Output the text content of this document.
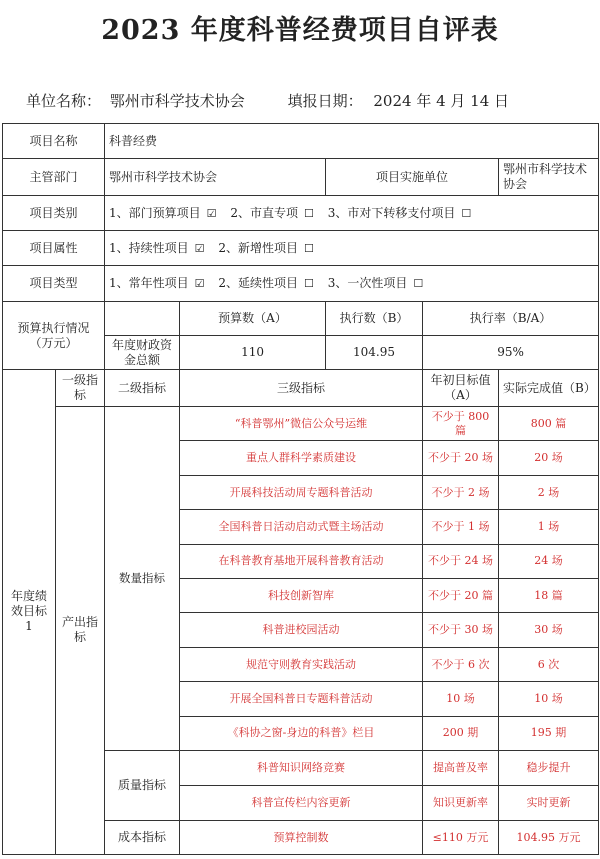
2023 年度科普经费项目自评表
单位名称： 鄂州市科学技术协会	填报日期： 2024 年 4 月 14 日
项目名称		科普经费				
主管部门		鄂州市科学技术协会		项目实施单位		鄂州市科学技术协会
项目类别		1、部门预算项目 ☑ 2、市直专项 ☐ 3、市对下转移支付项目 ☐				
项目属性		1、持续性项目 ☑ 2、新增性项目 ☐				
项目类型		1、常年性项目 ☑ 2、延续性项目 ☐ 3、一次性项目 ☐				
预算执行情况（万元）			预算数（A）	执行数（B）	执行率（B/A）	
		年度财政资金总额	110	104.95	95%	
年度绩效目标 1	一级指标	二级指标	三级指标		年初目标值（A）	实际完成值（B）
	产出指标	数量指标	“科普鄂州”微信公众号运维		不少于 800 篇	800 篇
			重点人群科学素质建设		不少于 20 场	20 场
			开展科技活动周专题科普活动		不少于 2 场	2 场
			全国科普日活动启动式暨主场活动		不少于 1 场	1 场
			在科普教育基地开展科普教育活动		不少于 24 场	24 场
			科技创新智库		不少于 20 篇	18 篇
			科普进校园活动		不少于 30 场	30 场
			规范守则教育实践活动		不少于 6 次	6 次
			开展全国科普日专题科普活动		10 场	10 场
			《科协之窗-身边的科普》栏目		200 期	195 期
		质量指标	科普知识网络竞赛		提高普及率	稳步提升
			科普宣传栏内容更新		知识更新率	实时更新
		成本指标	预算控制数		≤110 万元	104.95 万元
